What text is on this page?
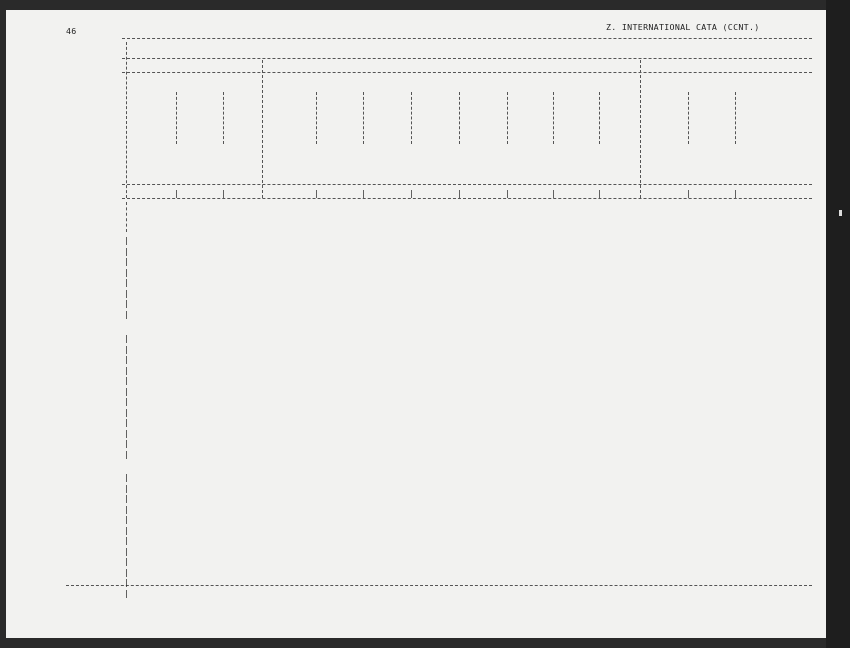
46	Z. INTERNATIONAL CATA (CCNT.)
|	|	|	|	|	|	|	|	|	|	|
|
|
|
|
|
|
|
|
|
|
|
|
|
|
|
|
|
|
|
|
|
|
|
|
|
|
|
|
|
|
|
|
